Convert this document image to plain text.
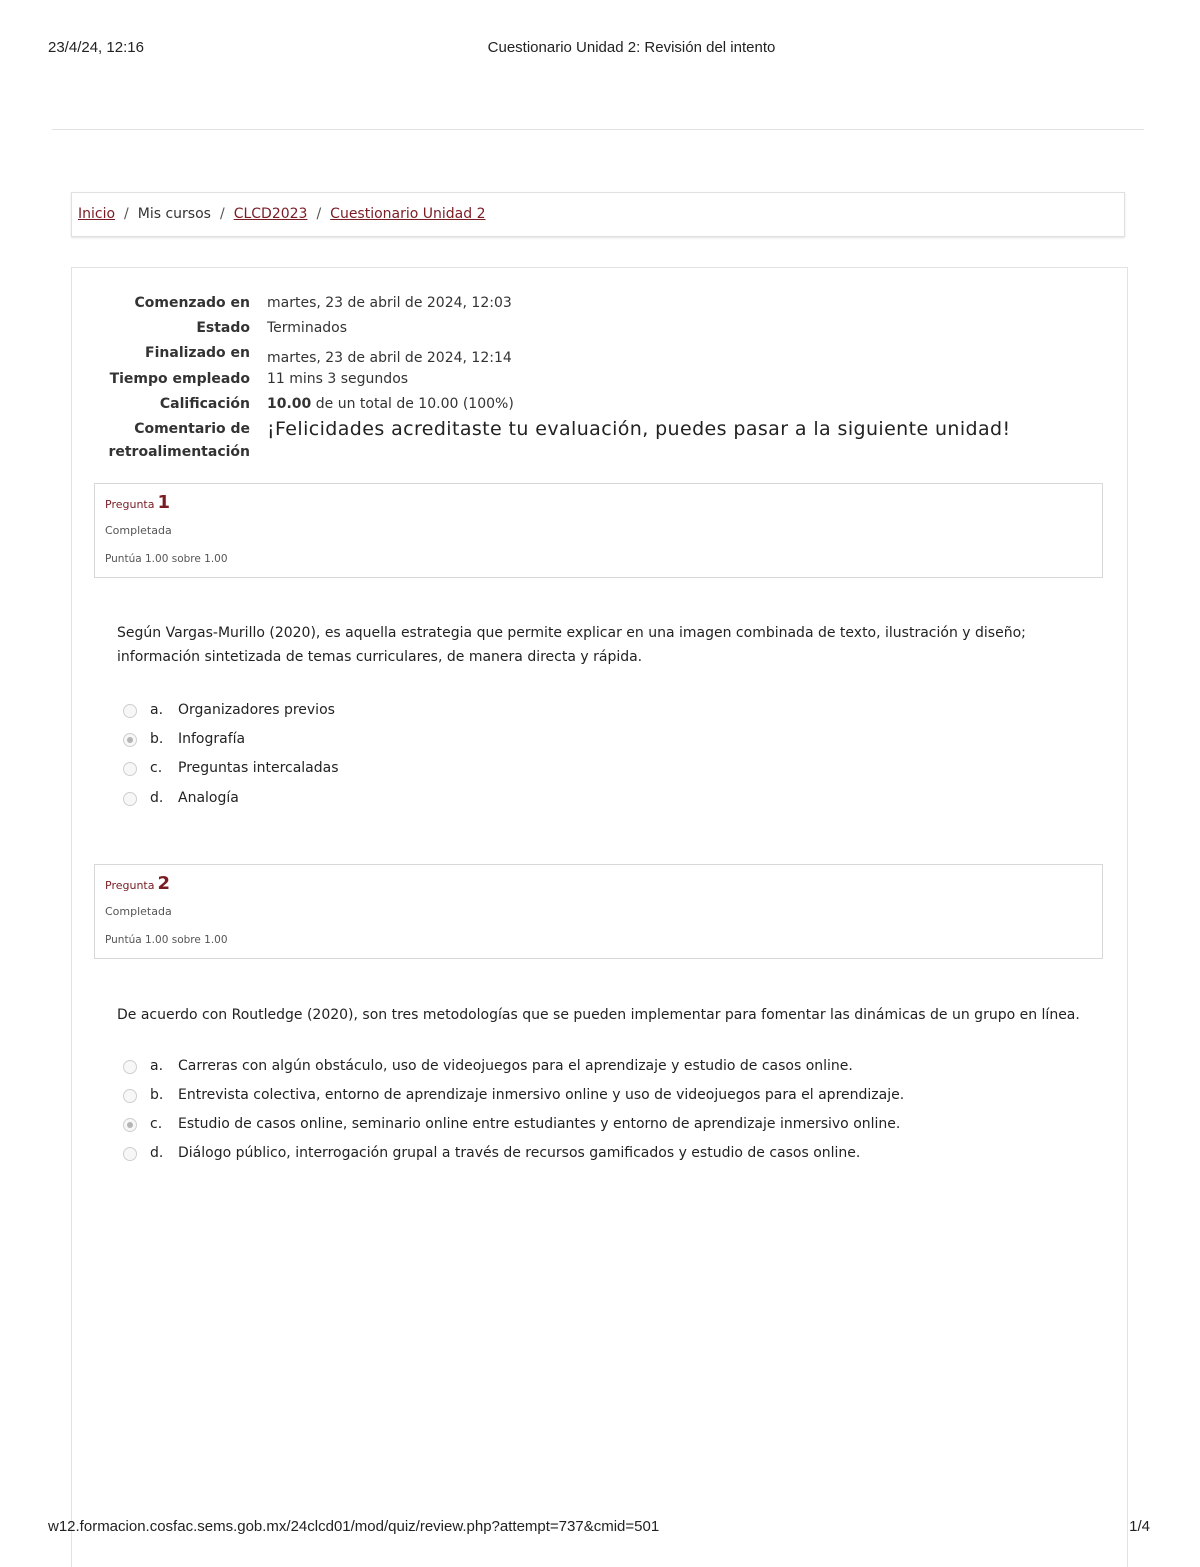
23/4/24, 12:16	Cuestionario Unidad 2: Revisión del intento
Inicio / Mis cursos / CLCD2023 / Cuestionario Unidad 2
Comenzado en martes, 23 de abril de 2024, 12:03
Estado Terminados
Finalizado en martes, 23 de abril de 2024, 12:14
Tiempo empleado 11 mins 3 segundos
Calificación 10.00 de un total de 10.00 (100%)
Comentario de
retroalimentación
¡Felicidades acreditaste tu evaluación, puedes pasar a la siguiente unidad!
Pregunta 1
Completada
Puntúa 1.00 sobre 1.00
Según Vargas-Murillo (2020), es aquella estrategia que permite explicar en una imagen combinada de texto, ilustración y diseño; información sintetizada de temas curriculares, de manera directa y rápida.
a. Organizadores previos
b. Infografía
c. Preguntas intercaladas
d. Analogía
Pregunta 2
Completada
Puntúa 1.00 sobre 1.00
De acuerdo con Routledge (2020), son tres metodologías que se pueden implementar para fomentar las dinámicas de un grupo en línea.
a. Carreras con algún obstáculo, uso de videojuegos para el aprendizaje y estudio de casos online.
b. Entrevista colectiva, entorno de aprendizaje inmersivo online y uso de videojuegos para el aprendizaje.
c. Estudio de casos online, seminario online entre estudiantes y entorno de aprendizaje inmersivo online.
d. Diálogo público, interrogación grupal a través de recursos gamificados y estudio de casos online.
w12.formacion.cosfac.sems.gob.mx/24clcd01/mod/quiz/review.php?attempt=737&cmid=501	1/4
